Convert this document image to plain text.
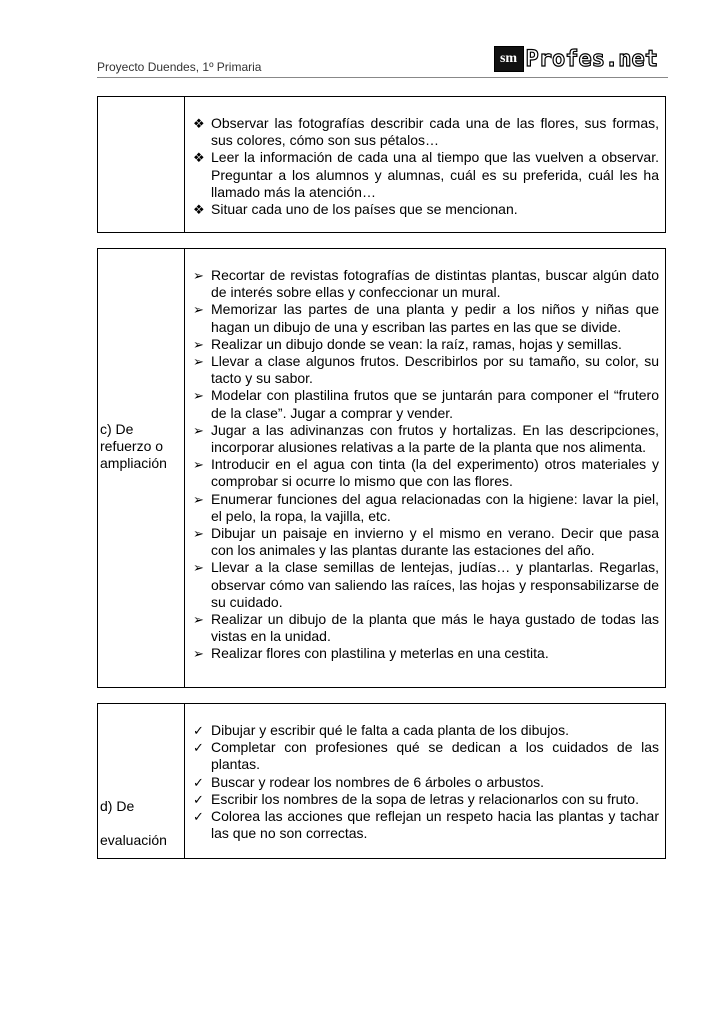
Proyecto Duendes, 1º Primaria
sm Profes.net
❖ Observar las fotografías describir cada una de las flores, sus formas, sus colores, cómo son sus pétalos…
❖ Leer la información de cada una al tiempo que las vuelven a observar. Preguntar a los alumnos y alumnas, cuál es su preferida, cuál les ha llamado más la atención…
❖ Situar cada uno de los países que se mencionan.
c) De
refuerzo o
ampliación
➢ Recortar de revistas fotografías de distintas plantas, buscar algún dato de interés sobre ellas y confeccionar un mural.
➢ Memorizar las partes de una planta y pedir a los niños y niñas que hagan un dibujo de una y escriban las partes en las que se divide.
➢ Realizar un dibujo donde se vean: la raíz, ramas, hojas y semillas.
➢ Llevar a clase algunos frutos. Describirlos por su tamaño, su color, su tacto y su sabor.
➢ Modelar con plastilina frutos que se juntarán para componer el “frutero de la clase”. Jugar a comprar y vender.
➢ Jugar a las adivinanzas con frutos y hortalizas. En las descripciones, incorporar alusiones relativas a la parte de la planta que nos alimenta.
➢ Introducir en el agua con tinta (la del experimento) otros materiales y comprobar si ocurre lo mismo que con las flores.
➢ Enumerar funciones del agua relacionadas con la higiene: lavar la piel, el pelo, la ropa, la vajilla, etc.
➢ Dibujar un paisaje en invierno y el mismo en verano. Decir que pasa con los animales y las plantas durante las estaciones del año.
➢ Llevar a la clase semillas de lentejas, judías… y plantarlas. Regarlas, observar cómo van saliendo las raíces, las hojas y responsabilizarse de su cuidado.
➢ Realizar un dibujo de la planta que más le haya gustado de todas las vistas en la unidad.
➢ Realizar flores con plastilina y meterlas en una cestita.
d) De
evaluación
✓ Dibujar y escribir qué le falta a cada planta de los dibujos.
✓ Completar con profesiones qué se dedican a los cuidados de las plantas.
✓ Buscar y rodear los nombres de 6 árboles o arbustos.
✓ Escribir los nombres de la sopa de letras y relacionarlos con su fruto.
✓ Colorea las acciones que reflejan un respeto hacia las plantas y tachar las que no son correctas.
